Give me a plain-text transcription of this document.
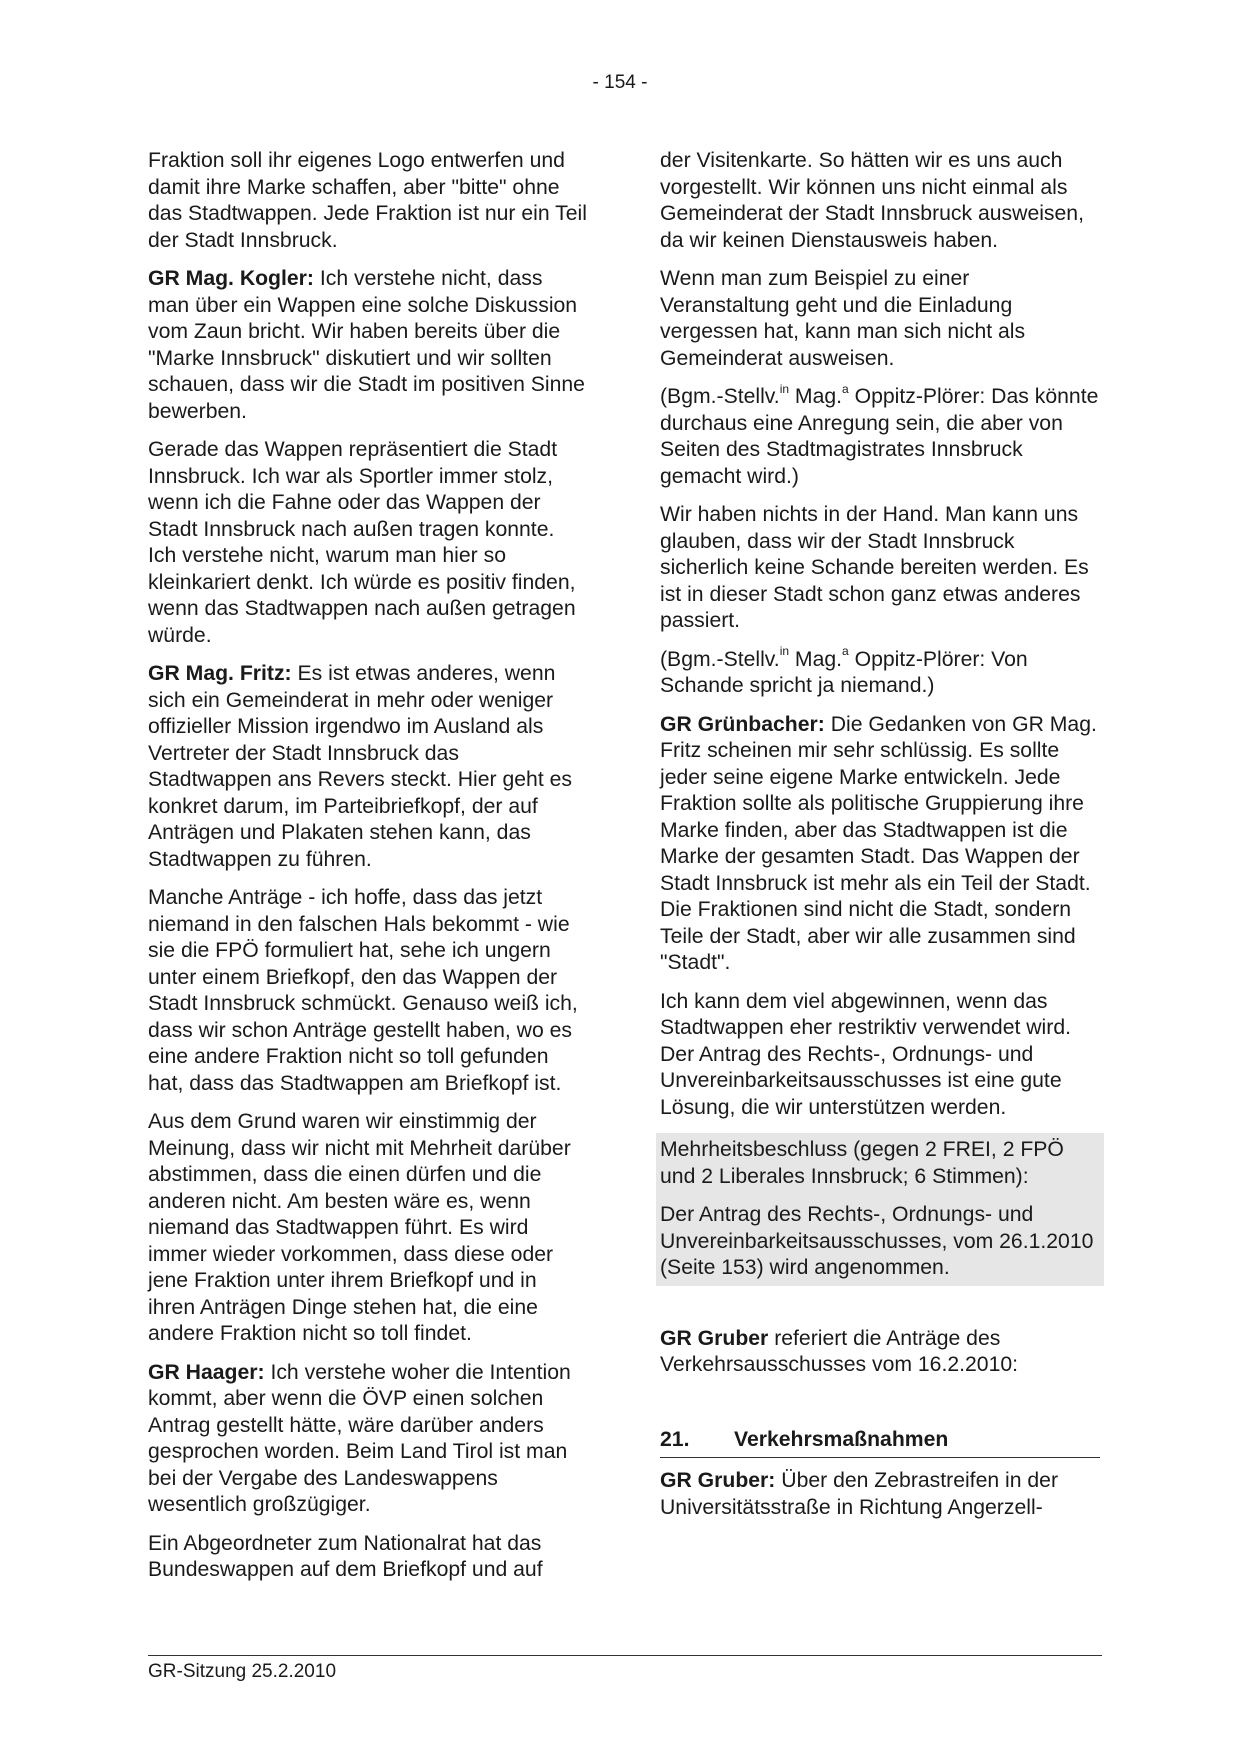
- 154 -

Fraktion soll ihr eigenes Logo entwerfen und damit ihre Marke schaffen, aber "bitte" ohne das Stadtwappen. Jede Fraktion ist nur ein Teil der Stadt Innsbruck.

GR Mag. Kogler: Ich verstehe nicht, dass man über ein Wappen eine solche Diskussion vom Zaun bricht. Wir haben bereits über die "Marke Innsbruck" diskutiert und wir sollten schauen, dass wir die Stadt im positiven Sinne bewerben.

Gerade das Wappen repräsentiert die Stadt Innsbruck. Ich war als Sportler immer stolz, wenn ich die Fahne oder das Wappen der Stadt Innsbruck nach außen tragen konnte. Ich verstehe nicht, warum man hier so kleinkariert denkt. Ich würde es positiv finden, wenn das Stadtwappen nach außen getragen würde.

GR Mag. Fritz: Es ist etwas anderes, wenn sich ein Gemeinderat in mehr oder weniger offizieller Mission irgendwo im Ausland als Vertreter der Stadt Innsbruck das Stadtwappen ans Revers steckt. Hier geht es konkret darum, im Parteibriefkopf, der auf Anträgen und Plakaten stehen kann, das Stadtwappen zu führen.

Manche Anträge - ich hoffe, dass das jetzt niemand in den falschen Hals bekommt - wie sie die FPÖ formuliert hat, sehe ich ungern unter einem Briefkopf, den das Wappen der Stadt Innsbruck schmückt. Genauso weiß ich, dass wir schon Anträge gestellt haben, wo es eine andere Fraktion nicht so toll gefunden hat, dass das Stadtwappen am Briefkopf ist.

Aus dem Grund waren wir einstimmig der Meinung, dass wir nicht mit Mehrheit darüber abstimmen, dass die einen dürfen und die anderen nicht. Am besten wäre es, wenn niemand das Stadtwappen führt. Es wird immer wieder vorkommen, dass diese oder jene Fraktion unter ihrem Briefkopf und in ihren Anträgen Dinge stehen hat, die eine andere Fraktion nicht so toll findet.

GR Haager: Ich verstehe woher die Intention kommt, aber wenn die ÖVP einen solchen Antrag gestellt hätte, wäre darüber anders gesprochen worden. Beim Land Tirol ist man bei der Vergabe des Landeswappens wesentlich großzügiger.

Ein Abgeordneter zum Nationalrat hat das Bundeswappen auf dem Briefkopf und auf

der Visitenkarte. So hätten wir es uns auch vorgestellt. Wir können uns nicht einmal als Gemeinderat der Stadt Innsbruck ausweisen, da wir keinen Dienstausweis haben.

Wenn man zum Beispiel zu einer Veranstaltung geht und die Einladung vergessen hat, kann man sich nicht als Gemeinderat ausweisen.

(Bgm.-Stellv.$^{in}$ Mag.$^a$ Oppitz-Plörer: Das könnte durchaus eine Anregung sein, die aber von Seiten des Stadtmagistrates Innsbruck gemacht wird.)

Wir haben nichts in der Hand. Man kann uns glauben, dass wir der Stadt Innsbruck sicherlich keine Schande bereiten werden. Es ist in dieser Stadt schon ganz etwas anderes passiert.

(Bgm.-Stellv.$^{in}$ Mag.$^a$ Oppitz-Plörer: Von Schande spricht ja niemand.)

GR Grünbacher: Die Gedanken von GR Mag. Fritz scheinen mir sehr schlüssig. Es sollte jeder seine eigene Marke entwickeln. Jede Fraktion sollte als politische Gruppierung ihre Marke finden, aber das Stadtwappen ist die Marke der gesamten Stadt. Das Wappen der Stadt Innsbruck ist mehr als ein Teil der Stadt. Die Fraktionen sind nicht die Stadt, sondern Teile der Stadt, aber wir alle zusammen sind "Stadt".

Ich kann dem viel abgewinnen, wenn das Stadtwappen eher restriktiv verwendet wird. Der Antrag des Rechts-, Ordnungs- und Unvereinbarkeitsausschusses ist eine gute Lösung, die wir unterstützen werden.

Mehrheitsbeschluss (gegen 2 FREI, 2 FPÖ und 2 Liberales Innsbruck; 6 Stimmen):

Der Antrag des Rechts-, Ordnungs- und Unvereinbarkeitsausschusses, vom 26.1.2010 (Seite 153) wird angenommen.

GR Gruber referiert die Anträge des Verkehrsausschusses vom 16.2.2010:

21.	Verkehrsmaßnahmen

GR Gruber: Über den Zebrastreifen in der Universitätsstraße in Richtung Angerzell-

GR-Sitzung 25.2.2010
